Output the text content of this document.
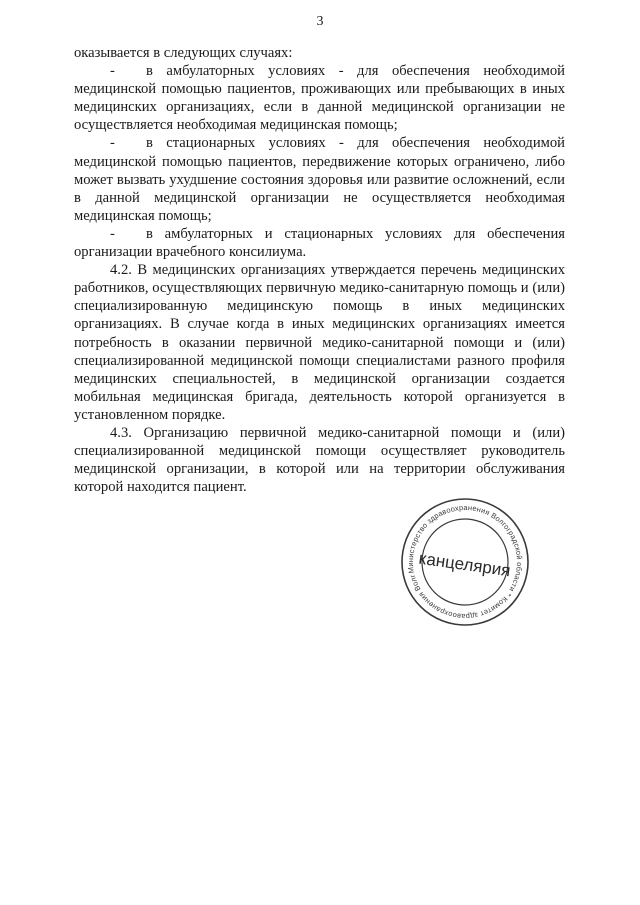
3

оказывается в следующих случаях:

- в амбулаторных условиях - для обеспечения необходимой медицинской помощью пациентов, проживающих или пребывающих в иных медицинских организациях, если в данной медицинской организации не осуществляется необходимая медицинская помощь;

- в стационарных условиях - для обеспечения необходимой медицинской помощью пациентов, передвижение которых ограничено, либо может вызвать ухудшение состояния здоровья или развитие осложнений, если в данной медицинской организации не осуществляется необходимая медицинская помощь;

- в амбулаторных и стационарных условиях для обеспечения организации врачебного консилиума.

4.2. В медицинских организациях утверждается перечень медицинских работников, осуществляющих первичную медико-санитарную помощь и (или) специализированную медицинскую помощь в иных медицинских организациях. В случае когда в иных медицинских организациях имеется потребность в оказании первичной медико-санитарной помощи и (или) специализированной медицинской помощи специалистами разного профиля медицинских специальностей, в медицинской организации создается мобильная медицинская бригада, деятельность которой организуется в установленном порядке.

4.3. Организацию первичной медико-санитарной помощи и (или) специализированной медицинской помощи осуществляет руководитель медицинской организации, в которой или на территории обслуживания которой находится пациент.

Министерство здравоохранения Волгоградской области * Комитет здравоохранения Волгоградской
канцелярия
